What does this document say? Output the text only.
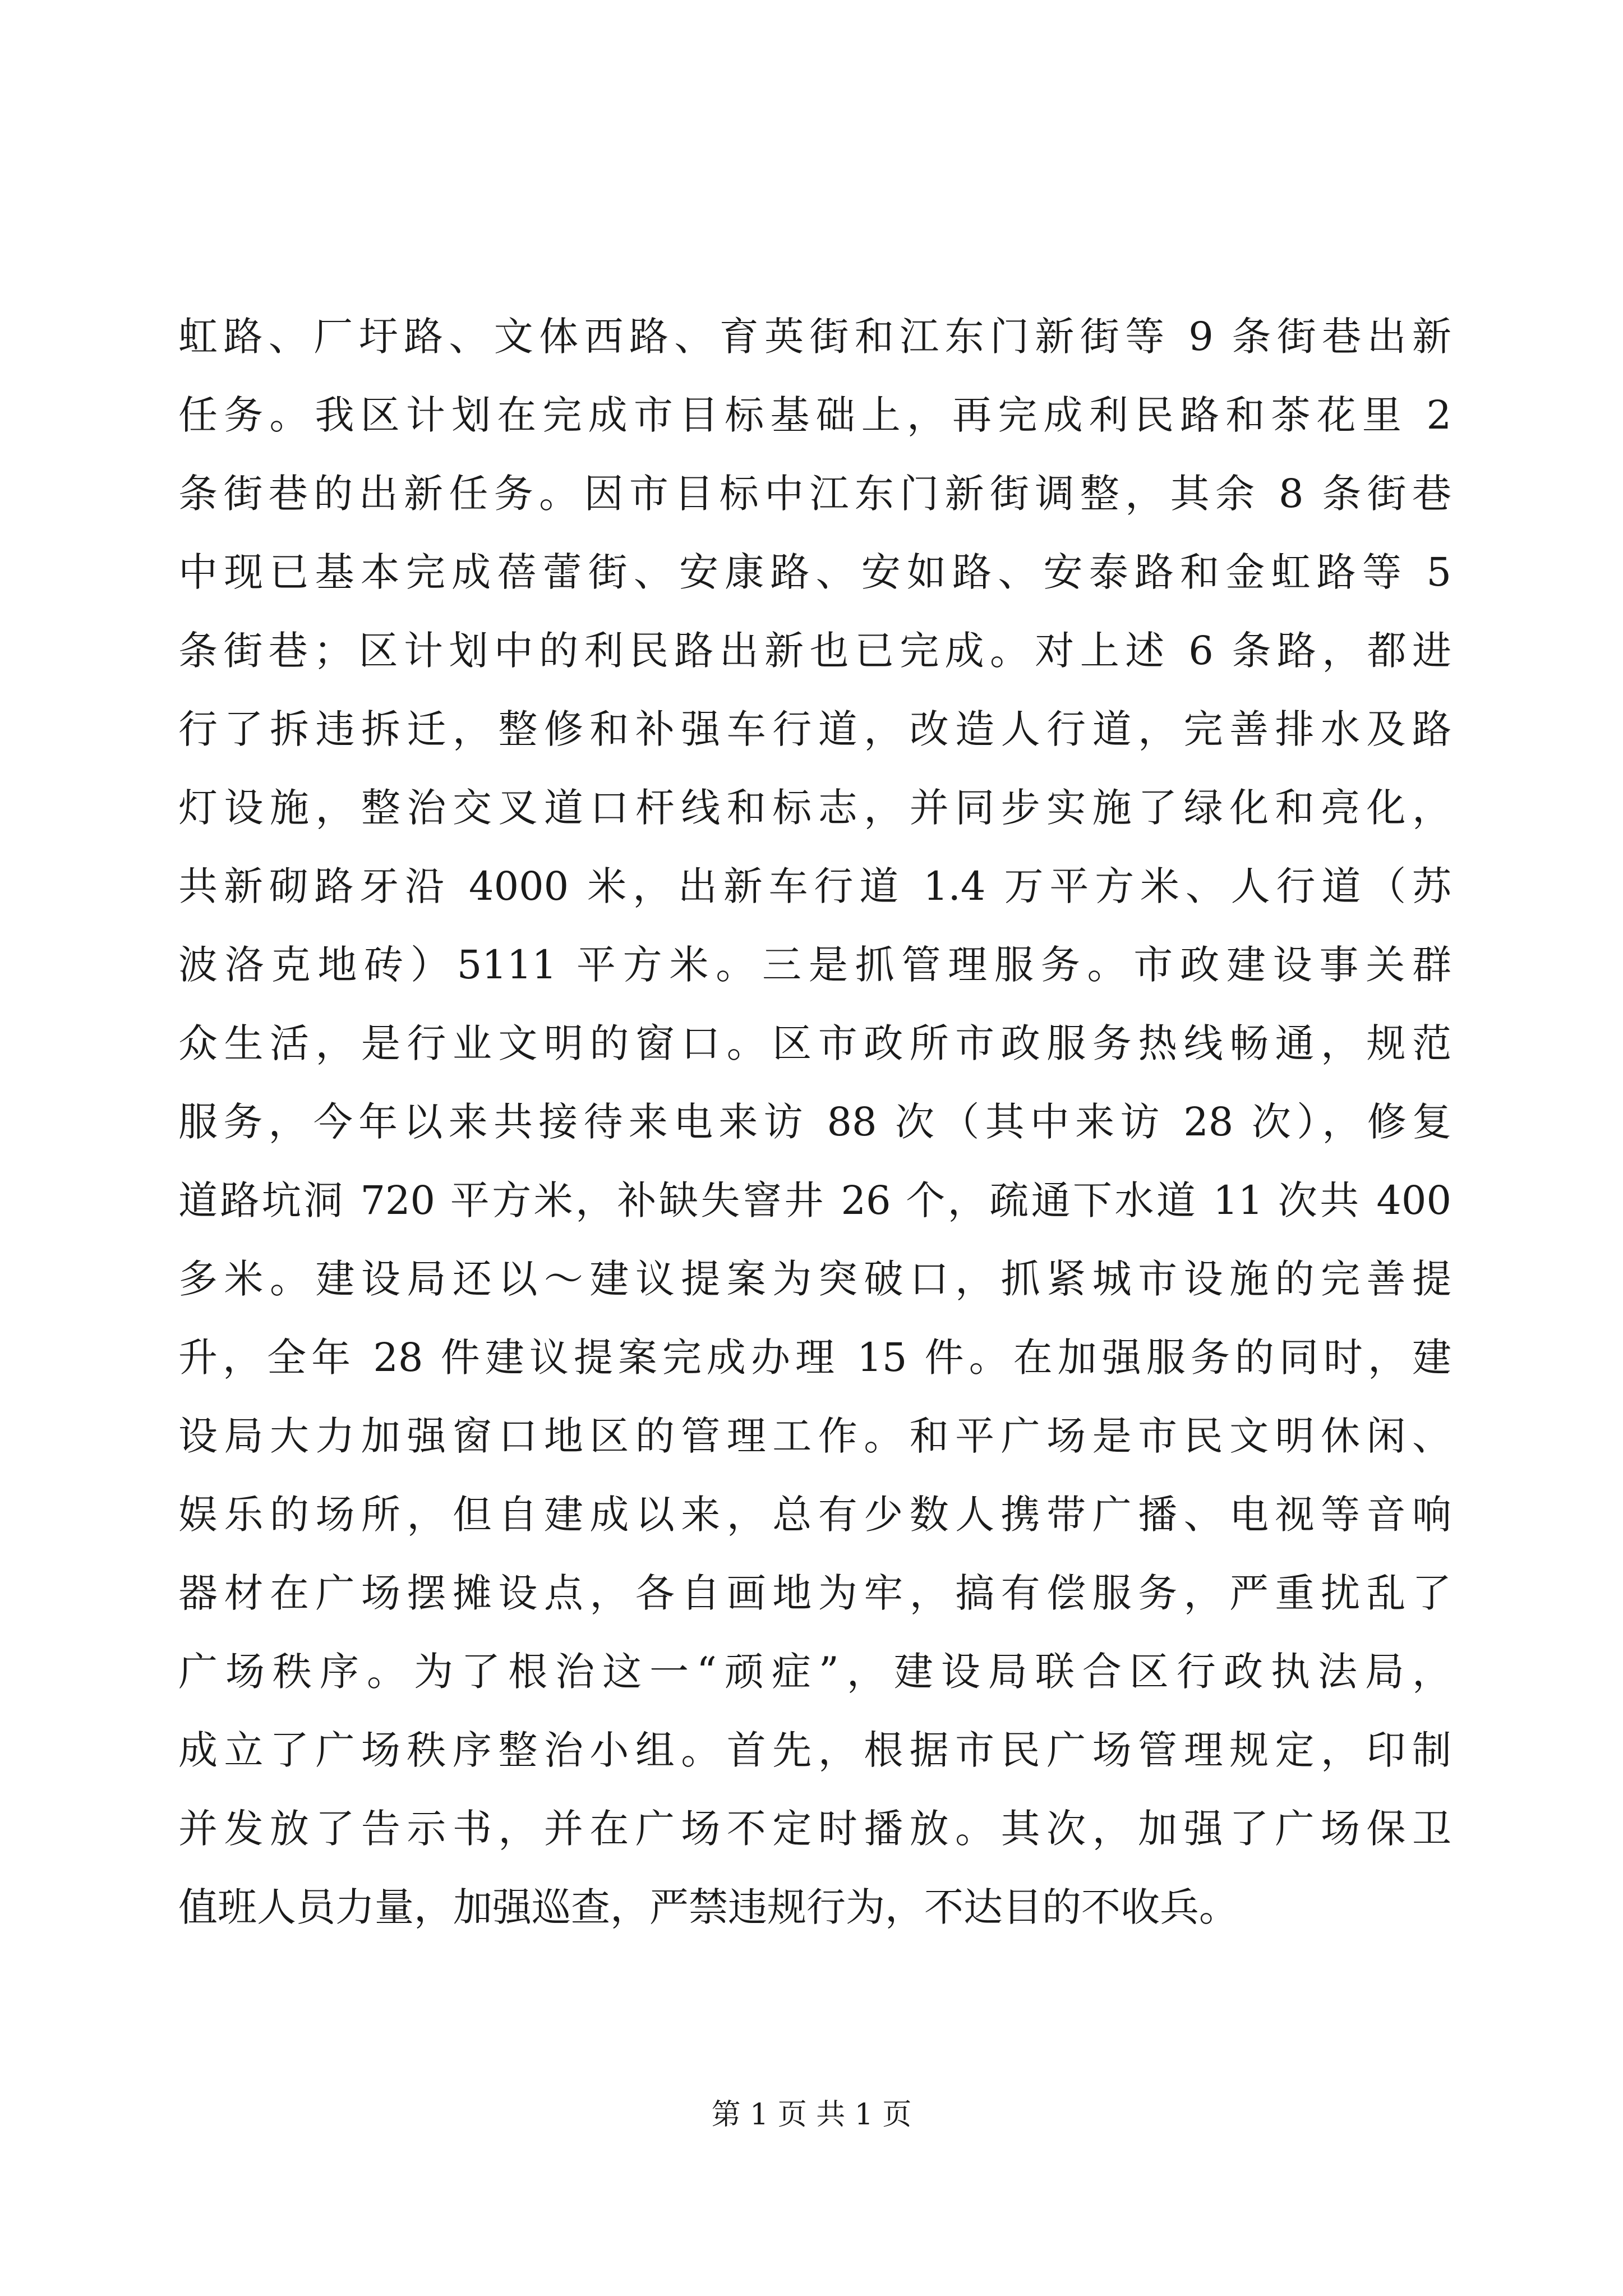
虹路、厂圩路、文体西路、育英街和江东门新街等 9 条街巷出新
任务。我区计划在完成市目标基础上，再完成利民路和茶花里 2
条街巷的出新任务。因市目标中江东门新街调整，其余 8 条街巷
中现已基本完成蓓蕾街、安康路、安如路、安泰路和金虹路等 5
条街巷；区计划中的利民路出新也已完成。对上述 6 条路，都进
行了拆违拆迁，整修和补强车行道，改造人行道，完善排水及路
灯设施，整治交叉道口杆线和标志，并同步实施了绿化和亮化，
共新砌路牙沿 4000 米，出新车行道 1.4 万平方米、人行道（苏
波洛克地砖）5111 平方米。三是抓管理服务。市政建设事关群
众生活，是行业文明的窗口。区市政所市政服务热线畅通，规范
服务，今年以来共接待来电来访 88 次（其中来访 28 次），修复
道路坑洞 720 平方米，补缺失窨井 26 个，疏通下水道 11 次共 400
多米。建设局还以～建议提案为突破口，抓紧城市设施的完善提
升，全年 28 件建议提案完成办理 15 件。在加强服务的同时，建
设局大力加强窗口地区的管理工作。和平广场是市民文明休闲、
娱乐的场所，但自建成以来，总有少数人携带广播、电视等音响
器材在广场摆摊设点，各自画地为牢，搞有偿服务，严重扰乱了
广场秩序。为了根治这一“顽症”，建设局联合区行政执法局，
成立了广场秩序整治小组。首先，根据市民广场管理规定，印制
并发放了告示书，并在广场不定时播放。其次，加强了广场保卫
值班人员力量，加强巡查，严禁违规行为，不达目的不收兵。
第 1 页 共 1 页
